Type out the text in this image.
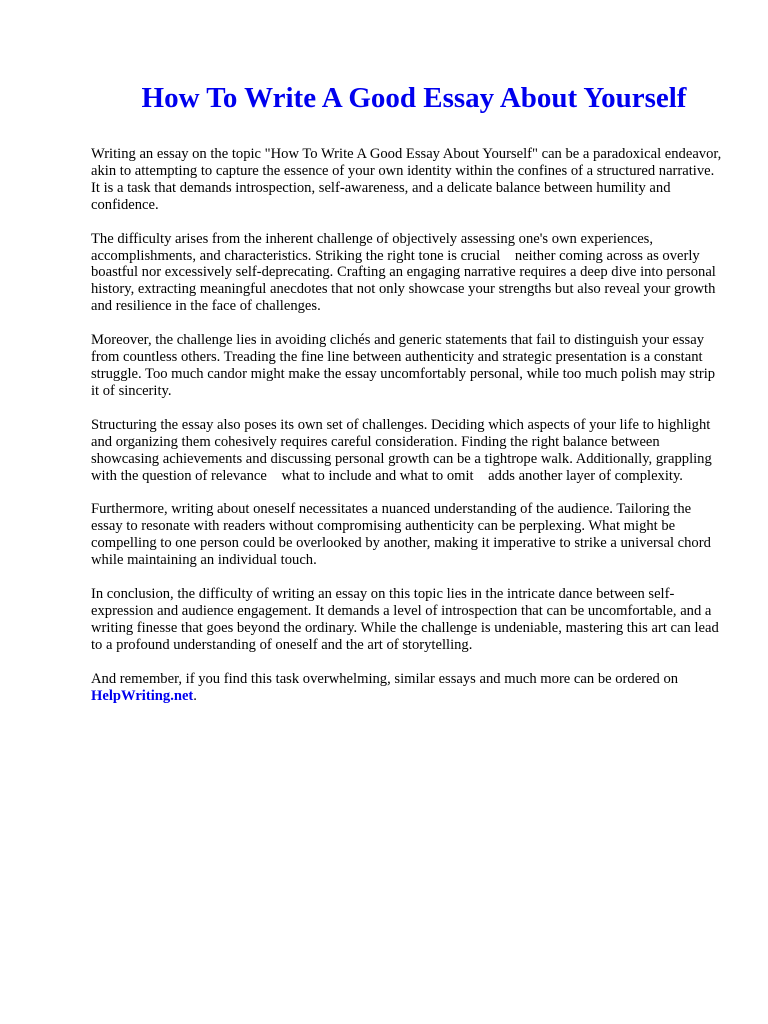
How To Write A Good Essay About Yourself

Writing an essay on the topic "How To Write A Good Essay About Yourself" can be a paradoxical endeavor, akin to attempting to capture the essence of your own identity within the confines of a structured narrative. It is a task that demands introspection, self-awareness, and a delicate balance between humility and confidence.

The difficulty arises from the inherent challenge of objectively assessing one's own experiences, accomplishments, and characteristics. Striking the right tone is crucial    neither coming across as overly boastful nor excessively self-deprecating. Crafting an engaging narrative requires a deep dive into personal history, extracting meaningful anecdotes that not only showcase your strengths but also reveal your growth and resilience in the face of challenges.

Moreover, the challenge lies in avoiding clichés and generic statements that fail to distinguish your essay from countless others. Treading the fine line between authenticity and strategic presentation is a constant struggle. Too much candor might make the essay uncomfortably personal, while too much polish may strip it of sincerity.

Structuring the essay also poses its own set of challenges. Deciding which aspects of your life to highlight and organizing them cohesively requires careful consideration. Finding the right balance between showcasing achievements and discussing personal growth can be a tightrope walk. Additionally, grappling with the question of relevance    what to include and what to omit    adds another layer of complexity.

Furthermore, writing about oneself necessitates a nuanced understanding of the audience. Tailoring the essay to resonate with readers without compromising authenticity can be perplexing. What might be compelling to one person could be overlooked by another, making it imperative to strike a universal chord while maintaining an individual touch.

In conclusion, the difficulty of writing an essay on this topic lies in the intricate dance between self-expression and audience engagement. It demands a level of introspection that can be uncomfortable, and a writing finesse that goes beyond the ordinary. While the challenge is undeniable, mastering this art can lead to a profound understanding of oneself and the art of storytelling.

And remember, if you find this task overwhelming, similar essays and much more can be ordered on
HelpWriting.net.
